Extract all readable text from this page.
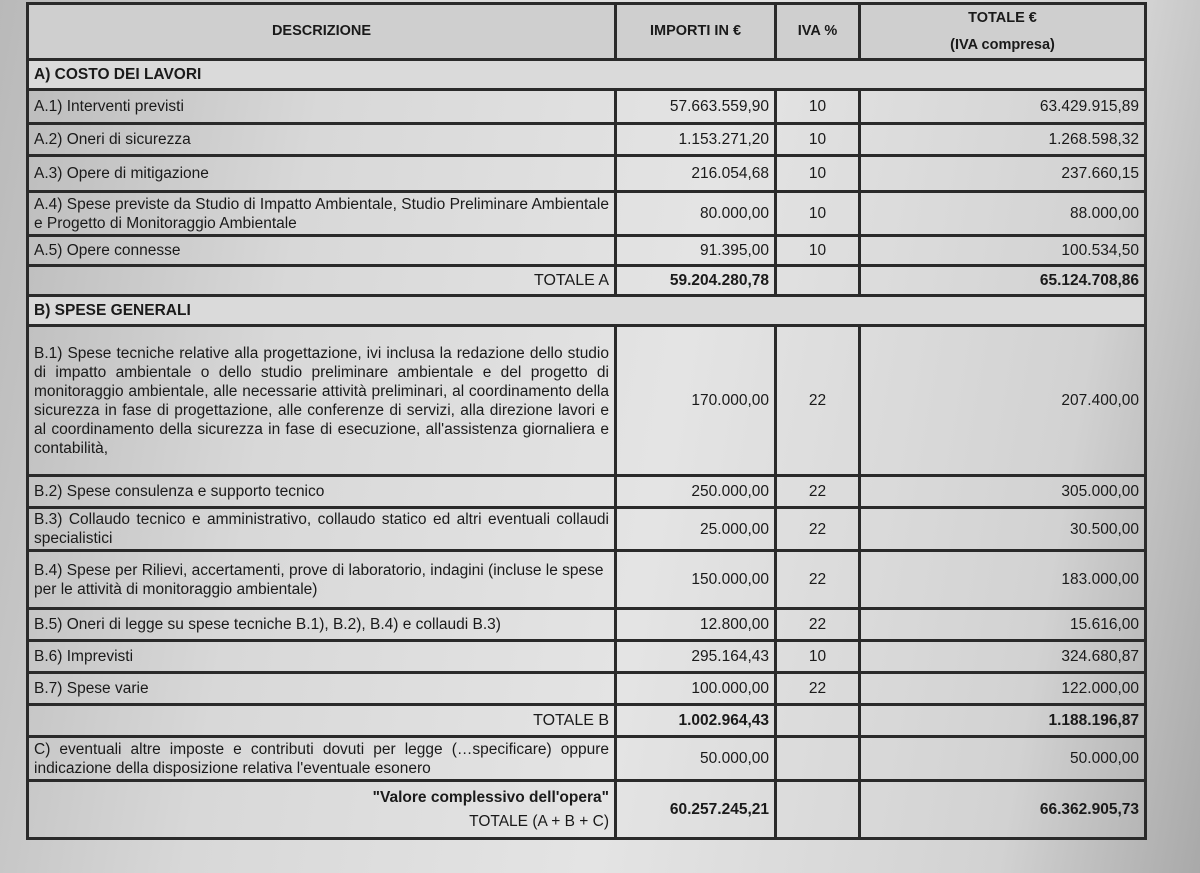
DESCRIZIONE	IMPORTI IN €	IVA %	TOTALE €
(IVA compresa)

A) COSTO DEI LAVORI			
A.1) Interventi previsti	57.663.559,90	10	63.429.915,89
A.2) Oneri di sicurezza	1.153.271,20	10	1.268.598,32
A.3) Opere di mitigazione	216.054,68	10	237.660,15
A.4) Spese previste da Studio di Impatto Ambientale, Studio Preliminare Ambientale e Progetto di Monitoraggio Ambientale	80.000,00	10	88.000,00
A.5) Opere connesse	91.395,00	10	100.534,50
TOTALE A	59.204.280,78		65.124.708,86
B) SPESE GENERALI			
B.1) Spese tecniche relative alla progettazione, ivi inclusa la redazione dello studio di impatto ambientale o dello studio preliminare ambientale e del progetto di monitoraggio ambientale, alle necessarie attività preliminari, al coordinamento della sicurezza in fase di progettazione, alle conferenze di servizi, alla direzione lavori e al coordinamento della sicurezza in fase di esecuzione, all'assistenza giornaliera e contabilità,	170.000,00	22	207.400,00
B.2) Spese consulenza e supporto tecnico	250.000,00	22	305.000,00
B.3) Collaudo tecnico e amministrativo, collaudo statico ed altri eventuali collaudi specialistici	25.000,00	22	30.500,00
B.4) Spese per Rilievi, accertamenti, prove di laboratorio, indagini (incluse le spese per le attività di monitoraggio ambientale)	150.000,00	22	183.000,00
B.5) Oneri di legge su spese tecniche B.1), B.2), B.4) e collaudi B.3)	12.800,00	22	15.616,00
B.6) Imprevisti	295.164,43	10	324.680,87
B.7) Spese varie	100.000,00	22	122.000,00
TOTALE B	1.002.964,43		1.188.196,87
C) eventuali altre imposte e contributi dovuti per legge (…specificare) oppure indicazione della disposizione relativa l'eventuale esonero	50.000,00		50.000,00

"Valore complessivo dell'opera"
TOTALE (A + B + C)	60.257.245,21		66.362.905,73
